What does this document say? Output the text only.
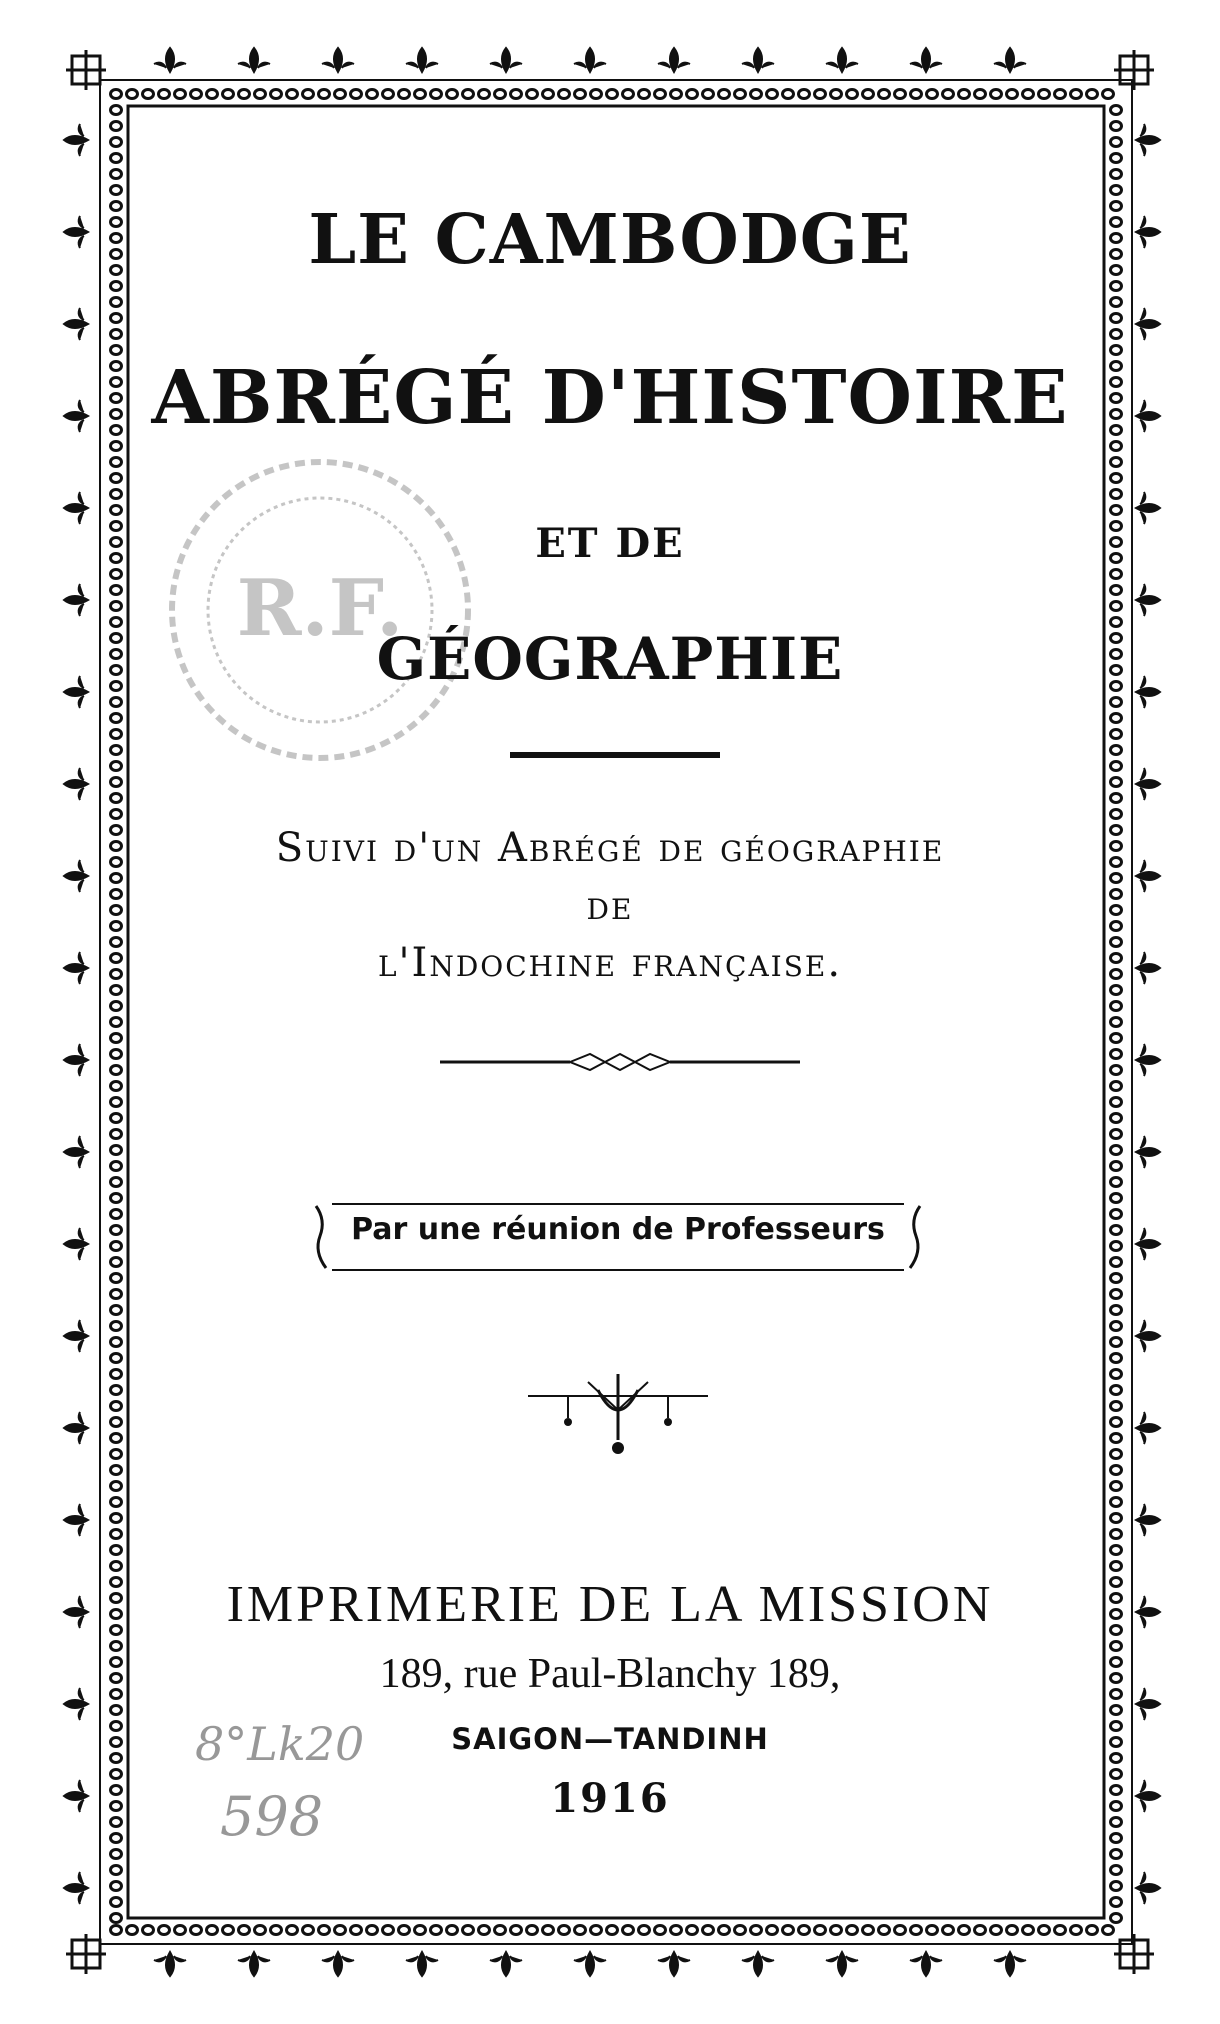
R.F.
8°Lk20
598
LE CAMBODGE
ABRÉGÉ D'HISTOIRE
ET DE
GÉOGRAPHIE
Suivi d'un Abrégé de géographie
de
l'Indochine française.
Par une réunion de Professeurs
IMPRIMERIE DE LA MISSION
189, rue Paul-Blanchy 189,
SAIGON—TANDINH
1916
